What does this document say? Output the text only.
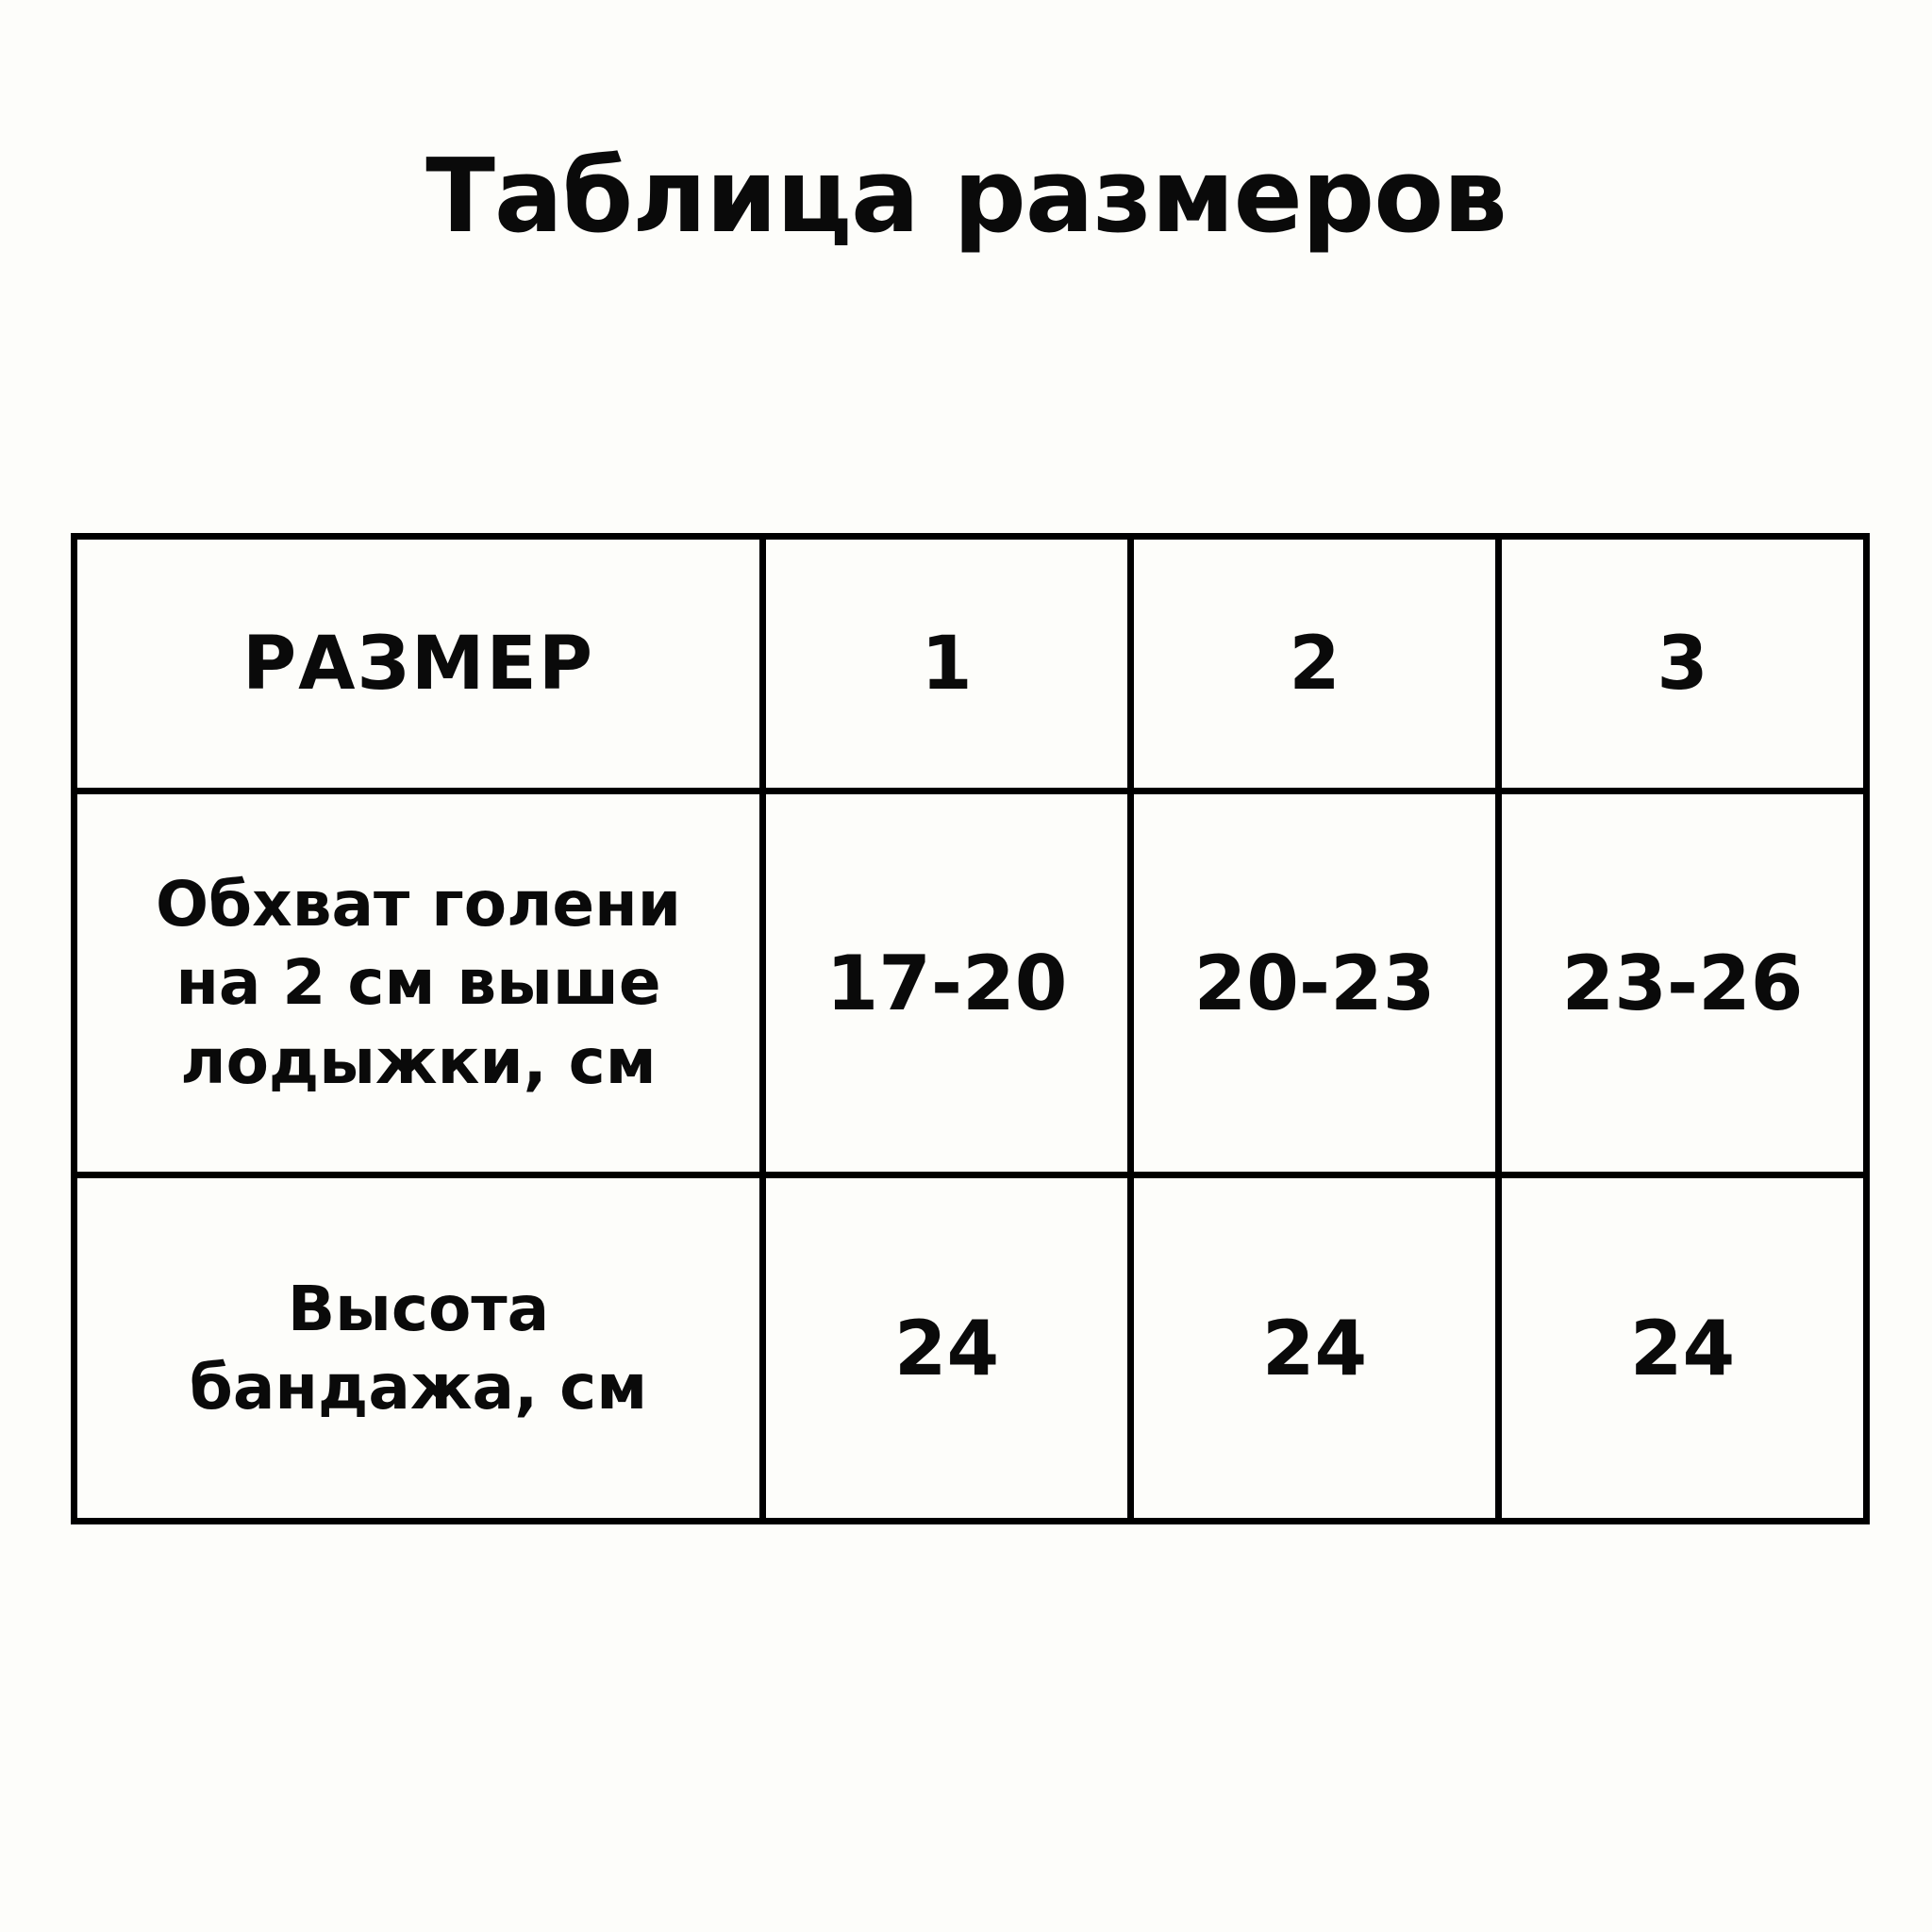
Таблица размеров
РАЗМЕР	1	2	3

Обхват голени
на 2 см выше
лодыжки, см	17-20	20-23	23-26

Высота
бандажа, см	24	24	24
